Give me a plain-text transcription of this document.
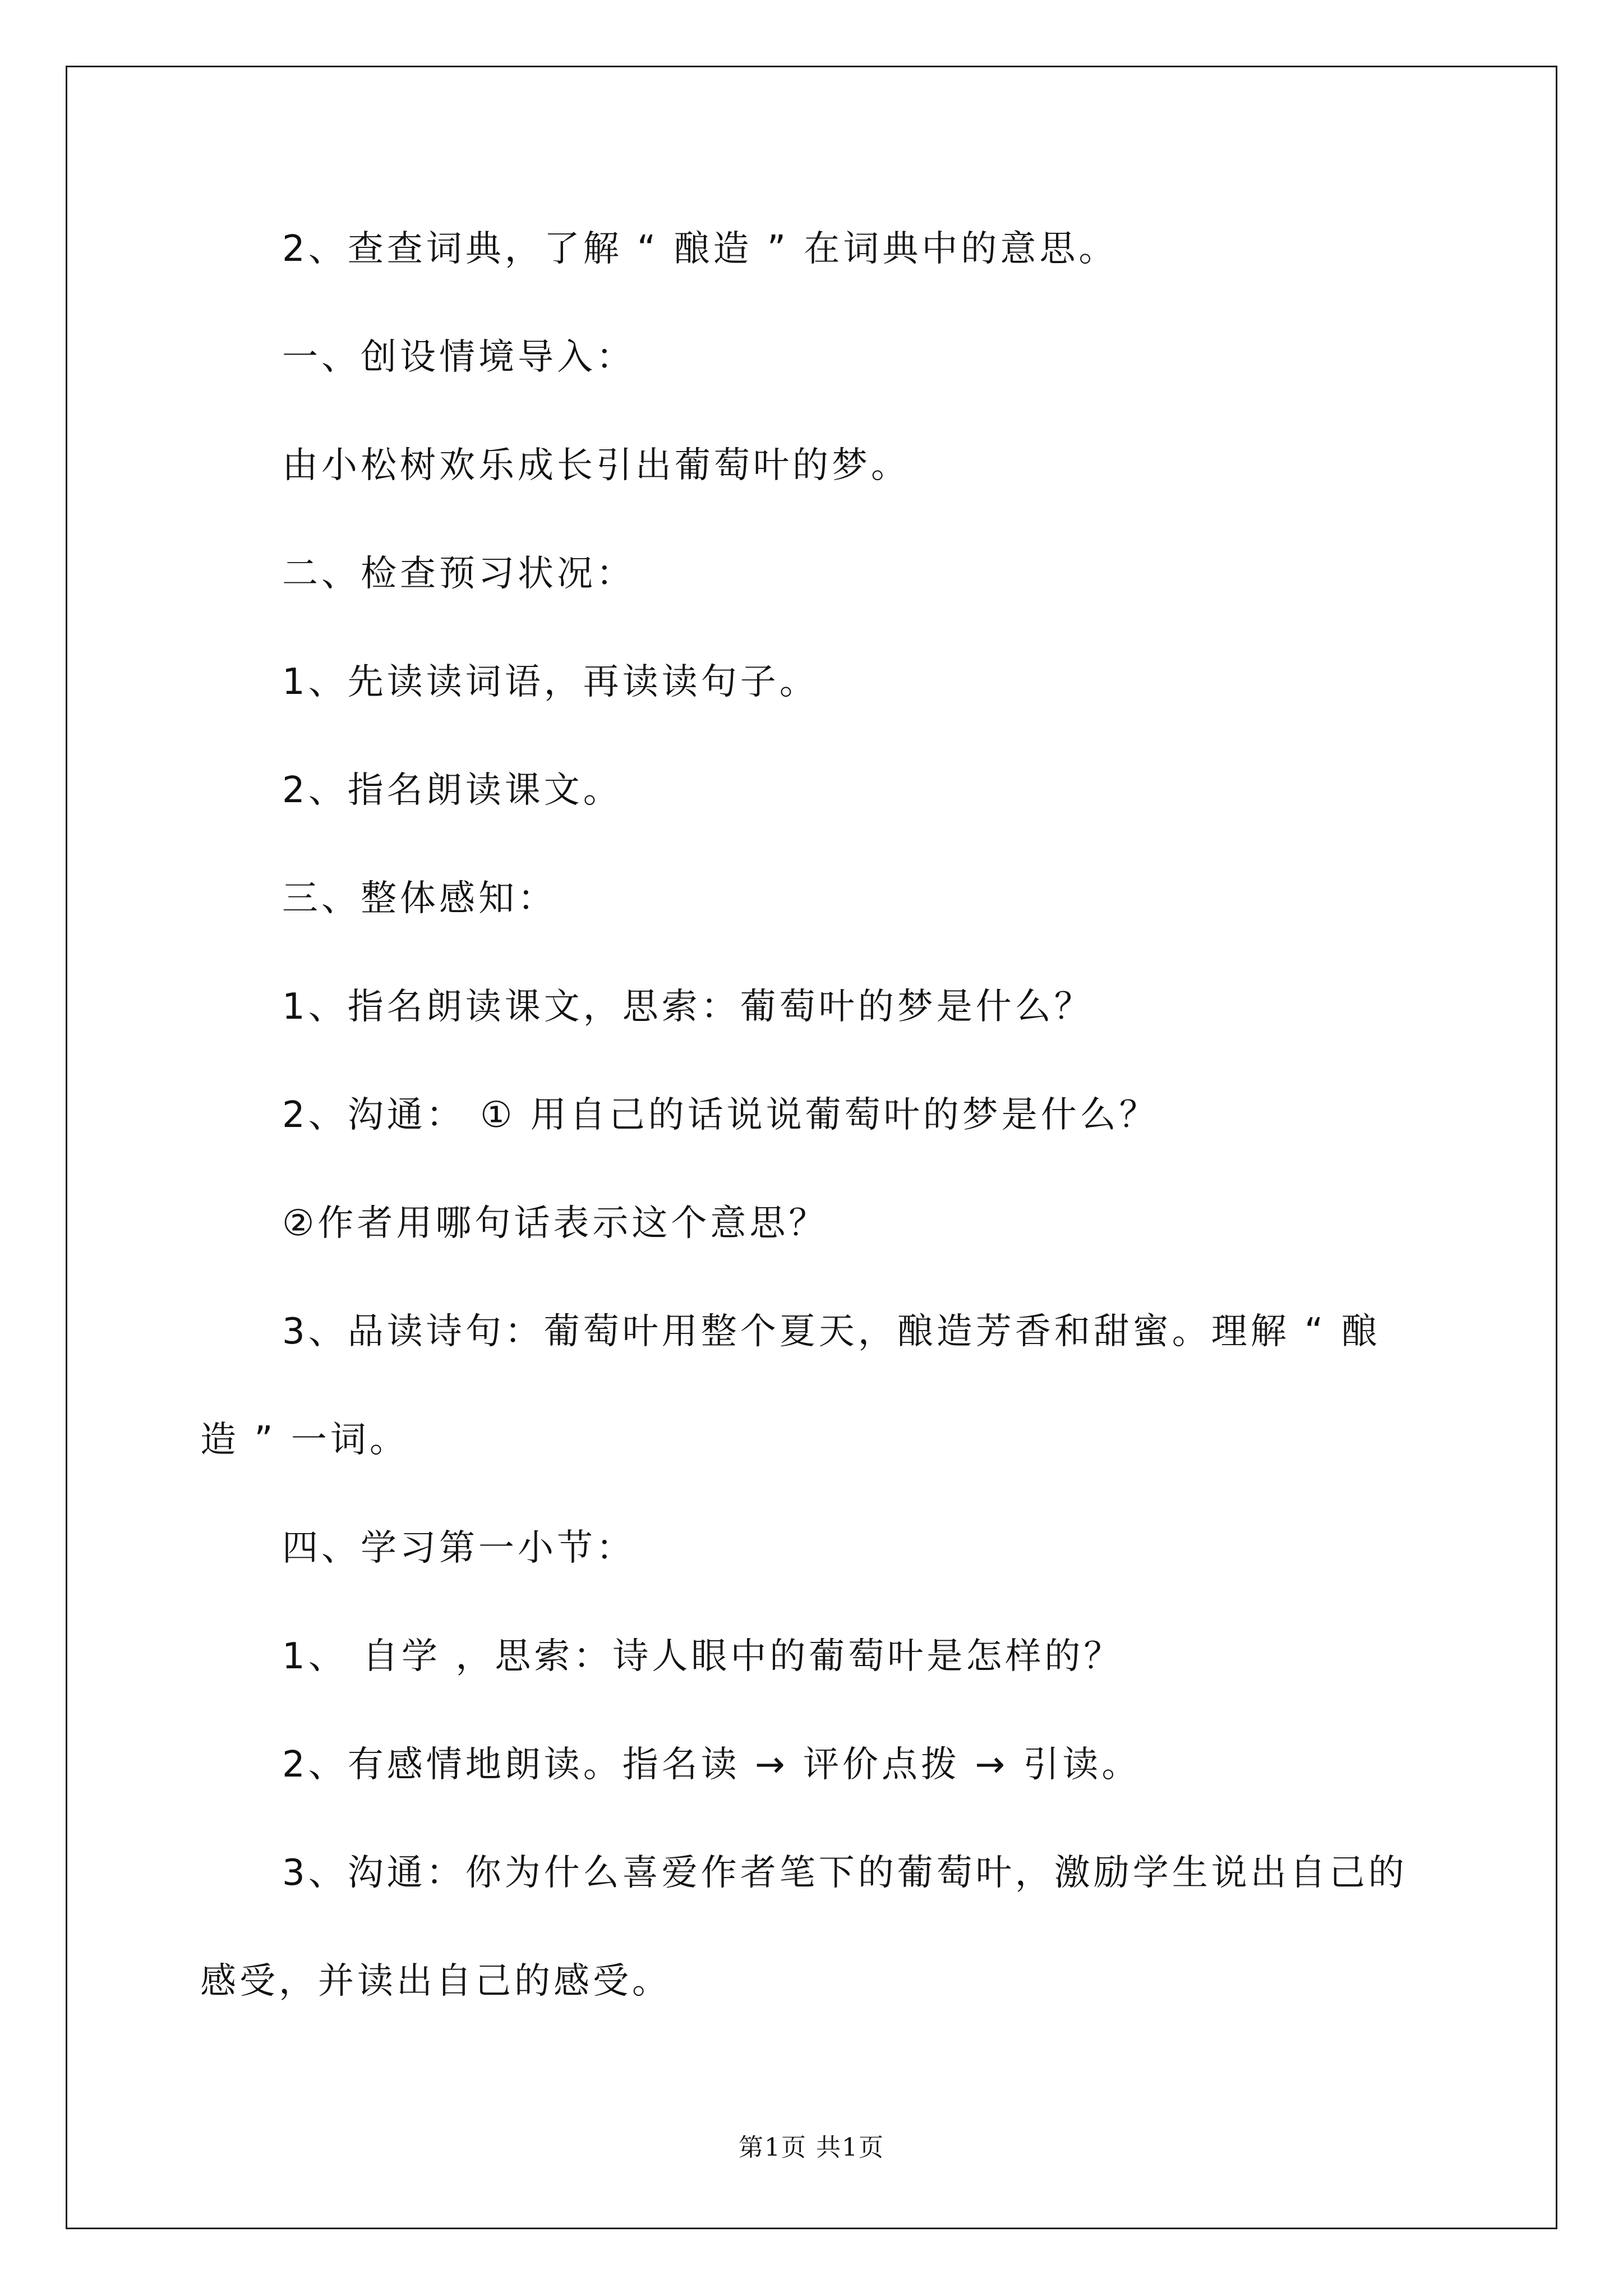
2、查查词典，了解 “ 酿造 ” 在词典中的意思。
一、创设情境导入：
由小松树欢乐成长引出葡萄叶的梦。
二、检查预习状况：
1、先读读词语，再读读句子。
2、指名朗读课文。
三、整体感知：
1、指名朗读课文，思索：葡萄叶的梦是什么？
2、沟通： ① 用自己的话说说葡萄叶的梦是什么？
②作者用哪句话表示这个意思？
3、品读诗句：葡萄叶用整个夏天，酿造芳香和甜蜜。理解 “ 酿
造 ” 一词。
四、学习第一小节：
1、 自学 ，思索：诗人眼中的葡萄叶是怎样的？
2、有感情地朗读。指名读 → 评价点拨 → 引读。
3、沟通：你为什么喜爱作者笔下的葡萄叶，激励学生说出自己的
感受，并读出自己的感受。
第1页 共1页
